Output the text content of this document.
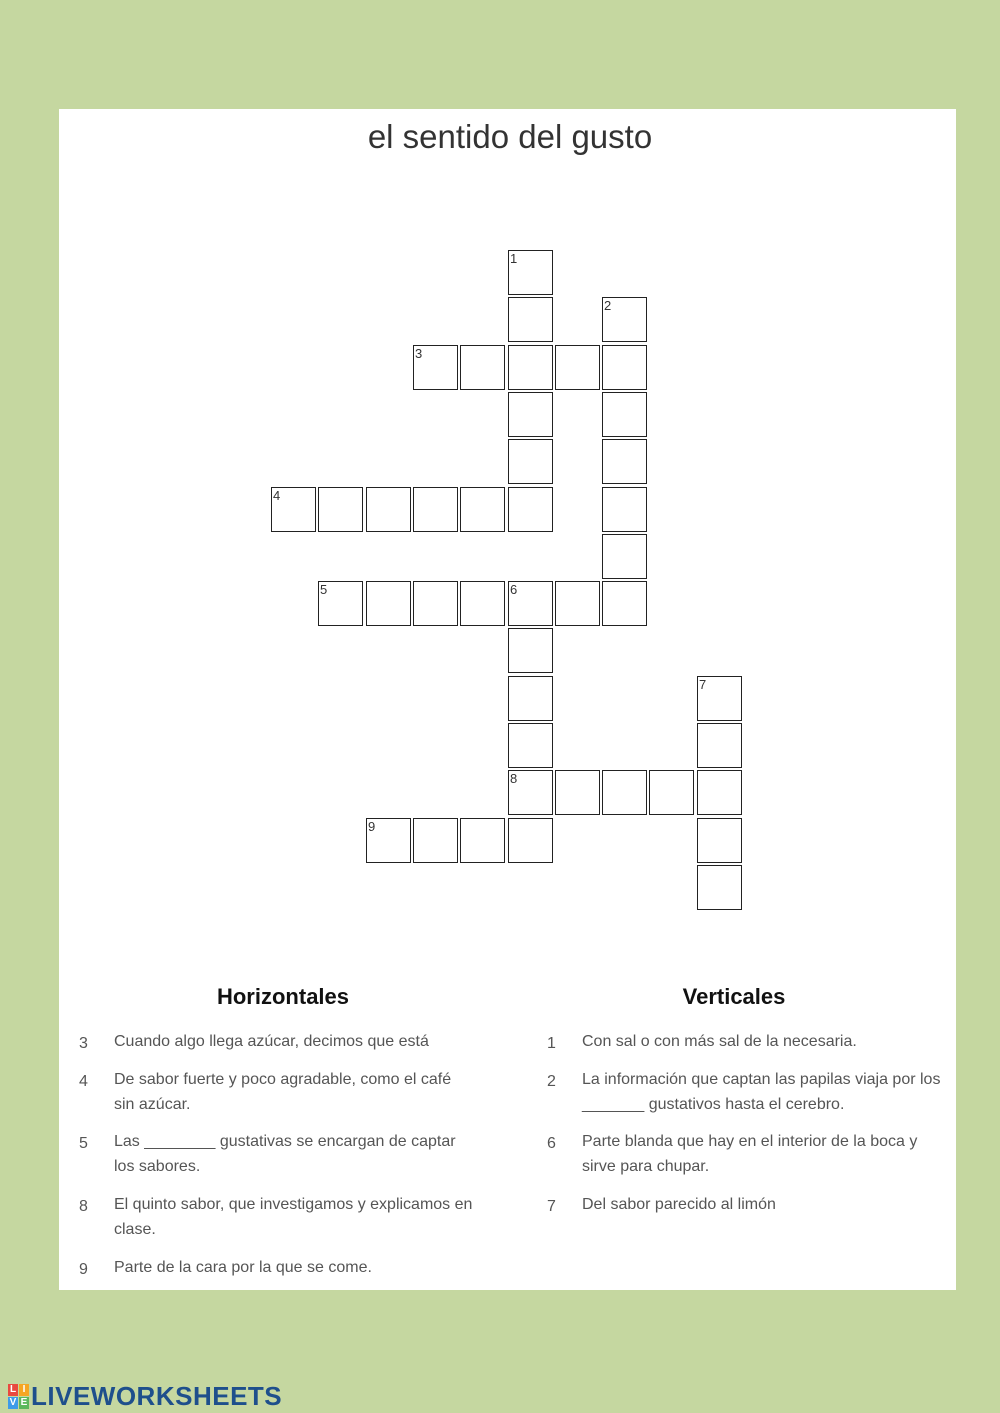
el sentido del gusto
1
2
3
4
5	6
7
8
9
Horizontales	Verticales
3	Cuando algo llega azúcar, decimos que está
4	De sabor fuerte y poco agradable, como el café sin azúcar.
5	Las ________ gustativas se encargan de captar los sabores.
8	El quinto sabor, que investigamos y explicamos en clase.
9	Parte de la cara por la que se come.
1	Con sal o con más sal de la necesaria.
2	La información que captan las papilas viaja por los _______ gustativos hasta el cerebro.
6	Parte blanda que hay en el interior de la boca y sirve para chupar.
7	Del sabor parecido al limón
L I
V E LIVEWORKSHEETS
